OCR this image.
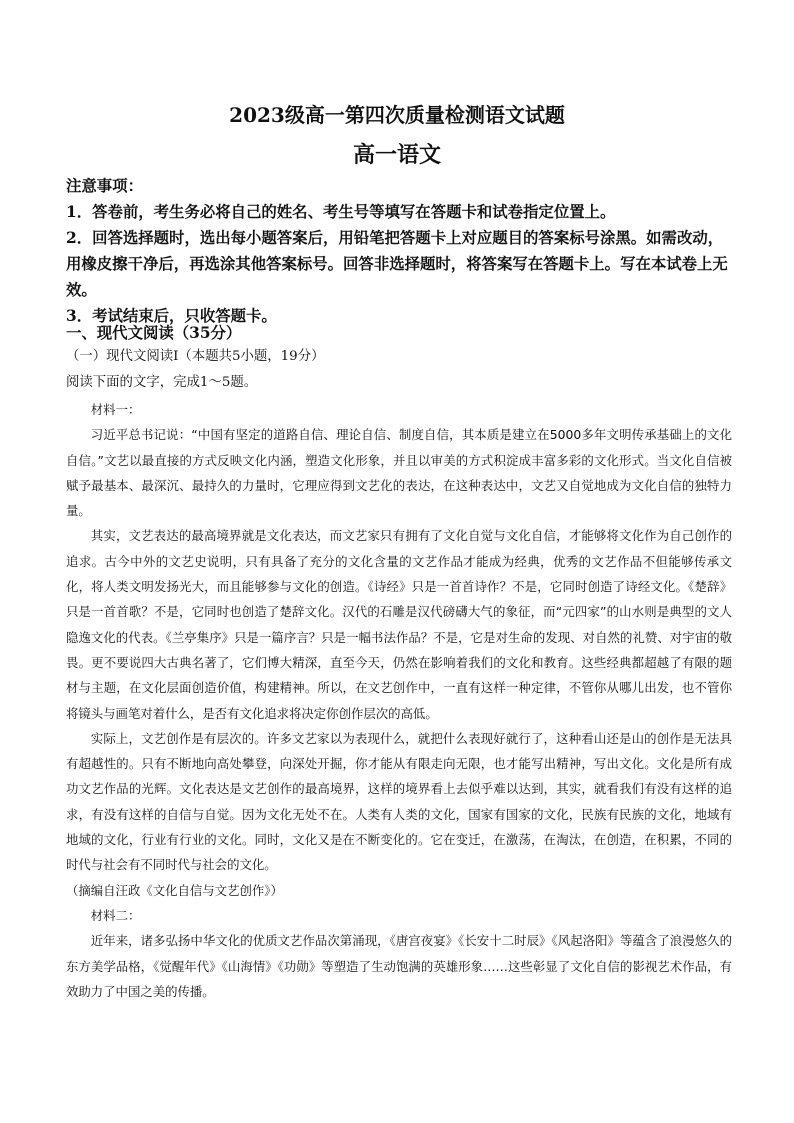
2023级高一第四次质量检测语文试题
高一语文

注意事项：

1．答卷前，考生务必将自己的姓名、考生号等填写在答题卡和试卷指定位置上。

2．回答选择题时，选出每小题答案后，用铅笔把答题卡上对应题目的答案标号涂黑。如需改动，用橡皮擦干净后，再选涂其他答案标号。回答非选择题时，将答案写在答题卡上。写在本试卷上无效。

3．考试结束后，只收答题卡。

一、现代文阅读（35分）
（一）现代文阅读Ⅰ（本题共5小题，19分）
阅读下面的文字，完成1～5题。

材料一：

习近平总书记说：“中国有坚定的道路自信、理论自信、制度自信，其本质是建立在5000多年文明传承基础上的文化自信。”文艺以最直接的方式反映文化内涵，塑造文化形象，并且以审美的方式积淀成丰富多彩的文化形式。当文化自信被赋予最基本、最深沉、最持久的力量时，它理应得到文艺化的表达，在这种表达中，文艺又自觉地成为文化自信的独特力量。

其实，文艺表达的最高境界就是文化表达，而文艺家只有拥有了文化自觉与文化自信，才能够将文化作为自己创作的追求。古今中外的文艺史说明，只有具备了充分的文化含量的文艺作品才能成为经典，优秀的文艺作品不但能够传承文化，将人类文明发扬光大，而且能够参与文化的创造。《诗经》只是一首首诗作？不是，它同时创造了诗经文化。《楚辞》只是一首首歌？不是，它同时也创造了楚辞文化。汉代的石雕是汉代磅礴大气的象征，而“元四家”的山水则是典型的文人隐逸文化的代表。《兰亭集序》只是一篇序言？只是一幅书法作品？不是，它是对生命的发现、对自然的礼赞、对宇宙的敬畏。更不要说四大古典名著了，它们博大精深，直至今天，仍然在影响着我们的文化和教育。这些经典都超越了有限的题材与主题，在文化层面创造价值，构建精神。所以，在文艺创作中，一直有这样一种定律，不管你从哪儿出发，也不管你将镜头与画笔对着什么，是否有文化追求将决定你创作层次的高低。

实际上，文艺创作是有层次的。许多文艺家以为表现什么，就把什么表现好就行了，这种看山还是山的创作是无法具有超越性的。只有不断地向高处攀登，向深处开掘，你才能从有限走向无限，也才能写出精神，写出文化。文化是所有成功文艺作品的光辉。文化表达是文艺创作的最高境界，这样的境界看上去似乎难以达到，其实，就看我们有没有这样的追求，有没有这样的自信与自觉。因为文化无处不在。人类有人类的文化，国家有国家的文化，民族有民族的文化，地域有地域的文化，行业有行业的文化。同时，文化又是在不断变化的。它在变迁，在激荡，在淘汰，在创造，在积累，不同的时代与社会有不同时代与社会的文化。

（摘编自汪政《文化自信与文艺创作》）

材料二：

近年来，诸多弘扬中华文化的优质文艺作品次第涌现，《唐宫夜宴》《长安十二时辰》《风起洛阳》等蕴含了浪漫悠久的东方美学品格，《觉醒年代》《山海情》《功勋》等塑造了生动饱满的英雄形象……这些彰显了文化自信的影视艺术作品，有效助力了中国之美的传播。
